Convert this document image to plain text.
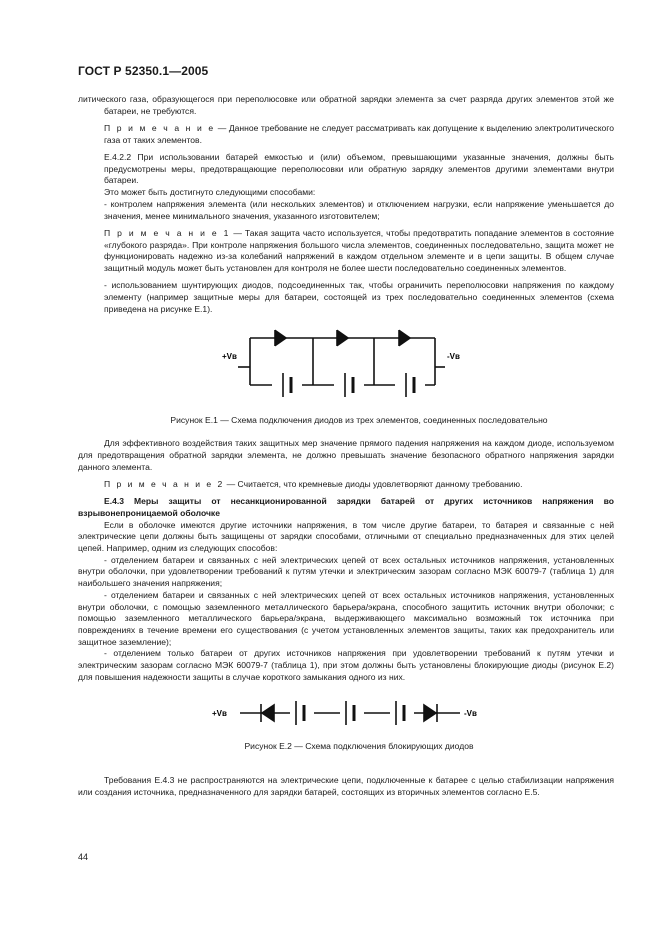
ГОСТ Р 52350.1—2005

литического газа, образующегося при переполюсовке или обратной зарядки элемента за счет разряда других элементов этой же батареи, не требуются.

П р и м е ч а н и е — Данное требование не следует рассматривать как допущение к выделению электролитического газа от таких элементов.

Е.4.2.2 При использовании батарей емкостью и (или) объемом, превышающими указанные значения, должны быть предусмотрены меры, предотвращающие переполюсовки или обратную зарядку элементов другими элементами внутри батареи.

Это может быть достигнуто следующими способами:

- контролем напряжения элемента (или нескольких элементов) и отключением нагрузки, если напряжение уменьшается до значения, менее минимального значения, указанного изготовителем;

П р и м е ч а н и е 1 — Такая защита часто используется, чтобы предотвратить попадание элементов в состояние «глубокого разряда». При контроле напряжения большого числа элементов, соединенных последовательно, защита может не функционировать надежно из-за колебаний напряжений в каждом отдельном элементе и в цепи защиты. В общем случае защитный модуль может быть установлен для контроля не более шести последовательно соединенных элементов.

- использованием шунтирующих диодов, подсоединенных так, чтобы ограничить переполюсовки напряжения по каждому элементу (например защитные меры для батареи, состоящей из трех последовательно соединенных элементов (схема приведена на рисунке Е.1).

+Vв	-Vв

Рисунок Е.1 — Схема подключения диодов из трех элементов, соединенных последовательно

Для эффективного воздействия таких защитных мер значение прямого падения напряжения на каждом диоде, используемом для предотвращения обратной зарядки элемента, не должно превышать значение безопасного обратного напряжения зарядки данного элемента.

П р и м е ч а н и е 2 — Считается, что кремневые диоды удовлетворяют данному требованию.

Е.4.3 Меры защиты от несанкционированной зарядки батарей от других источников напряжения во взрывонепроницаемой оболочке

Если в оболочке имеются другие источники напряжения, в том числе другие батареи, то батарея и связанные с ней электрические цепи должны быть защищены от зарядки способами, отличными от специально предназначенных для этих целей цепей. Например, одним из следующих способов:

- отделением батареи и связанных с ней электрических цепей от всех остальных источников напряжения, установленных внутри оболочки, при удовлетворении требований к путям утечки и электрическим зазорам согласно МЭК 60079-7 (таблица 1) для наибольшего значения напряжения;

- отделением батареи и связанных с ней электрических цепей от всех остальных источников напряжения, установленных внутри оболочки, с помощью заземленного металлического барьера/экрана, способного защитить источник внутри оболочки; с помощью заземленного металлического барьера/экрана, выдерживающего максимально возможный ток источника при повреждениях в течение времени его существования (с учетом установленных элементов защиты, таких как предохранитель или защитное заземление);

- отделением только батареи от других источников напряжения при удовлетворении требований к путям утечки и электрическим зазорам согласно МЭК 60079-7 (таблица 1), при этом должны быть установлены блокирующие диоды (рисунок Е.2) для повышения надежности защиты в случае короткого замыкания одного из них.

+Vв	-Vв

Рисунок Е.2 — Схема подключения блокирующих диодов

Требования Е.4.3 не распространяются на электрические цепи, подключенные к батарее с целью стабилизации напряжения или создания источника, предназначенного для зарядки батарей, состоящих из вторичных элементов согласно Е.5.

44
